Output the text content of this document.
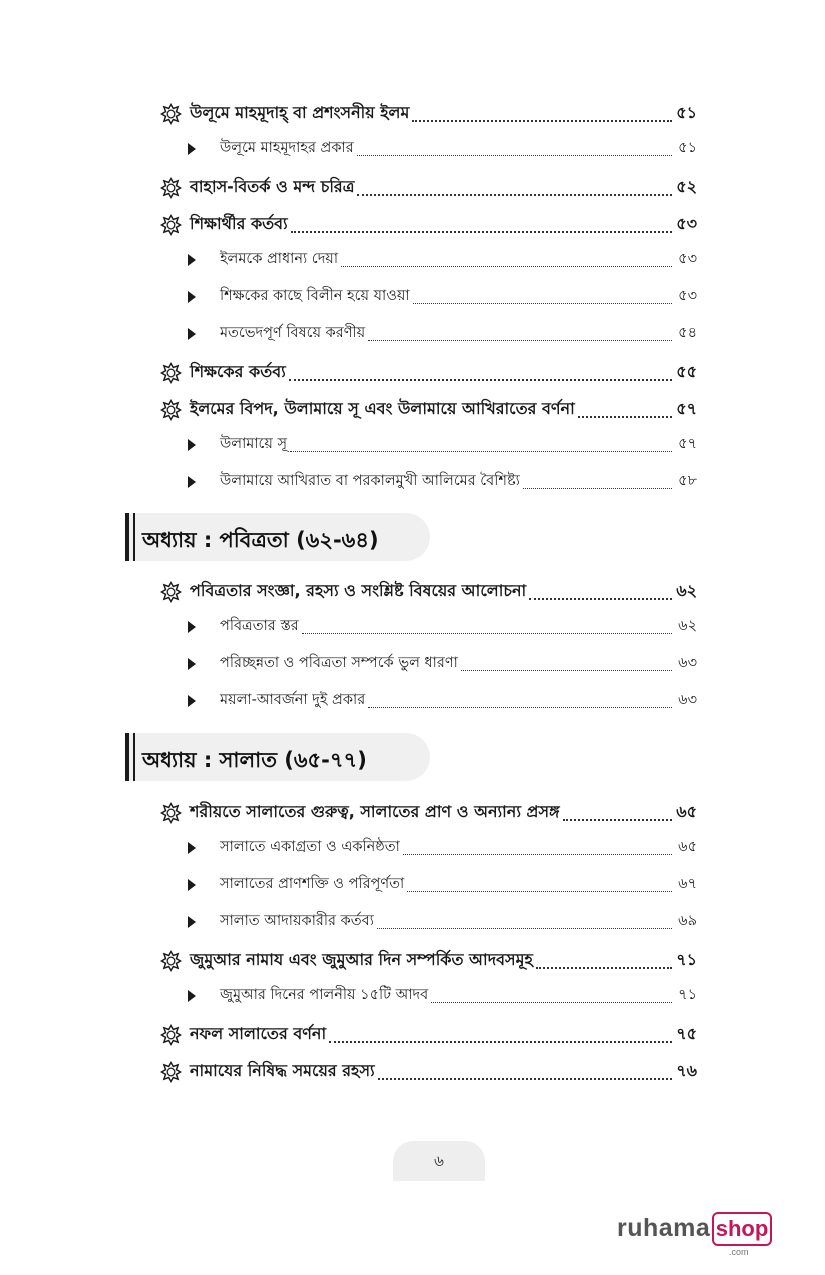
উলূমে মাহমূদাহ্‌ বা প্রশংসনীয় ইলম	৫১
উলূমে মাহমূদাহর প্রকার	৫১
বাহাস-বিতর্ক ও মন্দ চরিত্র	৫২
শিক্ষার্থীর কর্তব্য	৫৩
ইলমকে প্রাধান্য দেয়া	৫৩
শিক্ষকের কাছে বিলীন হয়ে যাওয়া	৫৩
মতভেদপূর্ণ বিষয়ে করণীয়	৫৪
শিক্ষকের কর্তব্য	৫৫
ইলমের বিপদ, উলামায়ে সূ এবং উলামায়ে আখিরাতের বর্ণনা	৫৭
উলামায়ে সূ	৫৭
উলামায়ে আখিরাত বা পরকালমুখী আলিমের বৈশিষ্ট্য	৫৮
অধ্যায় : পবিত্রতা (৬২-৬৪)
পবিত্রতার সংজ্ঞা, রহস্য ও সংশ্লিষ্ট বিষয়ের আলোচনা	৬২
পবিত্রতার স্তর	৬২
পরিচ্ছন্নতা ও পবিত্রতা সম্পর্কে ভুল ধারণা	৬৩
ময়লা-আবর্জনা দুই প্রকার	৬৩
অধ্যায় : সালাত (৬৫-৭৭)
শরীয়তে সালাতের গুরুত্ব, সালাতের প্রাণ ও অন্যান্য প্রসঙ্গ	৬৫
সালাতে একাগ্রতা ও একনিষ্ঠতা	৬৫
সালাতের প্রাণশক্তি ও পরিপূর্ণতা	৬৭
সালাত আদায়কারীর কর্তব্য	৬৯
জুমুআর নামায এবং জুমুআর দিন সম্পর্কিত আদবসমূহ	৭১
জুমুআর দিনের পালনীয় ১৫টি আদব	৭১
নফল সালাতের বর্ণনা	৭৫
নামাযের নিষিদ্ধ সময়ের রহস্য	৭৬
৬
ruhama shop
.com
